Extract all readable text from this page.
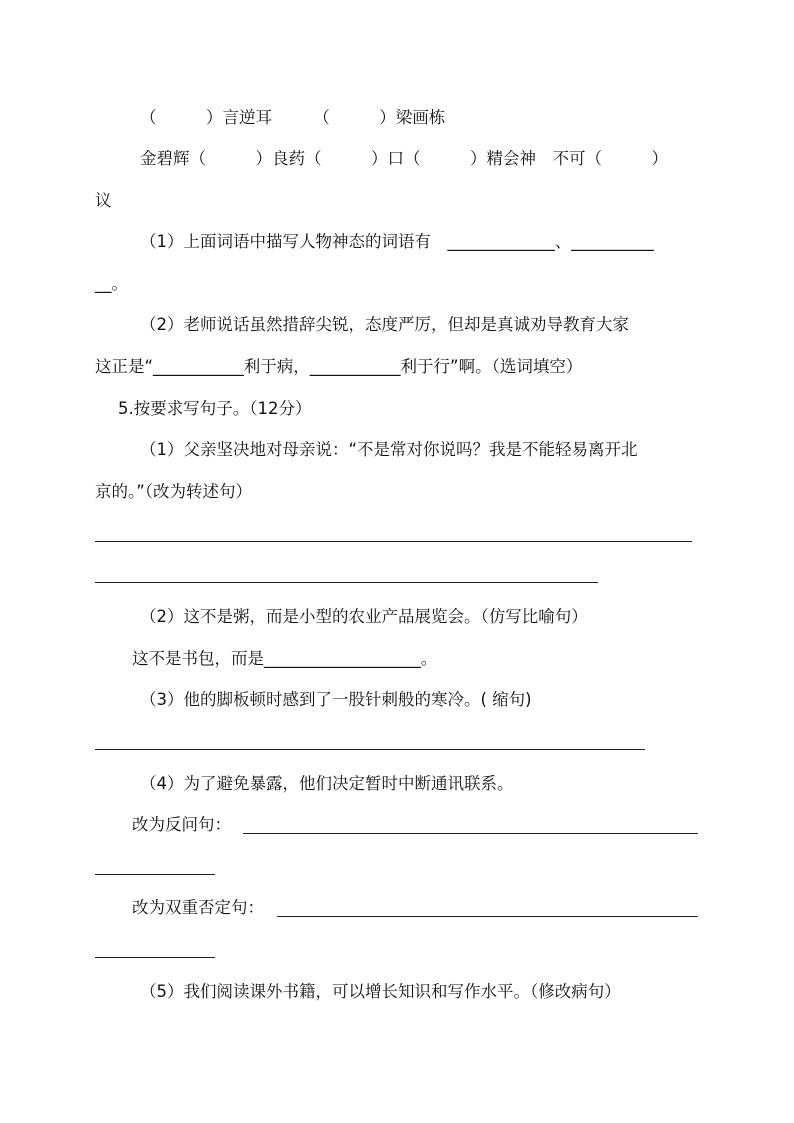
（　　　）言逆耳　　　（　　　）梁画栋
金碧辉（　　　）良药（　　　）口（　　　）精会神　不可（　　　）
议
（1）上面词语中描写人物神态的词语有　_____________、__________
__。
（2）老师说话虽然措辞尖锐，态度严厉，但却是真诚劝导教育大家
这正是“___________利于病，___________利于行”啊。（选词填空）
5.按要求写句子。（12分）
（1）父亲坚决地对母亲说：“不是常对你说吗？我是不能轻易离开北
京的。”（改为转述句）
（2）这不是粥，而是小型的农业产品展览会。（仿写比喻句）
这不是书包，而是___________________。
（3）他的脚板顿时感到了一股针刺般的寒冷。( 缩句)
（4）为了避免暴露，他们决定暂时中断通讯联系。
改为反问句：
改为双重否定句：
（5）我们阅读课外书籍，可以增长知识和写作水平。（修改病句）
